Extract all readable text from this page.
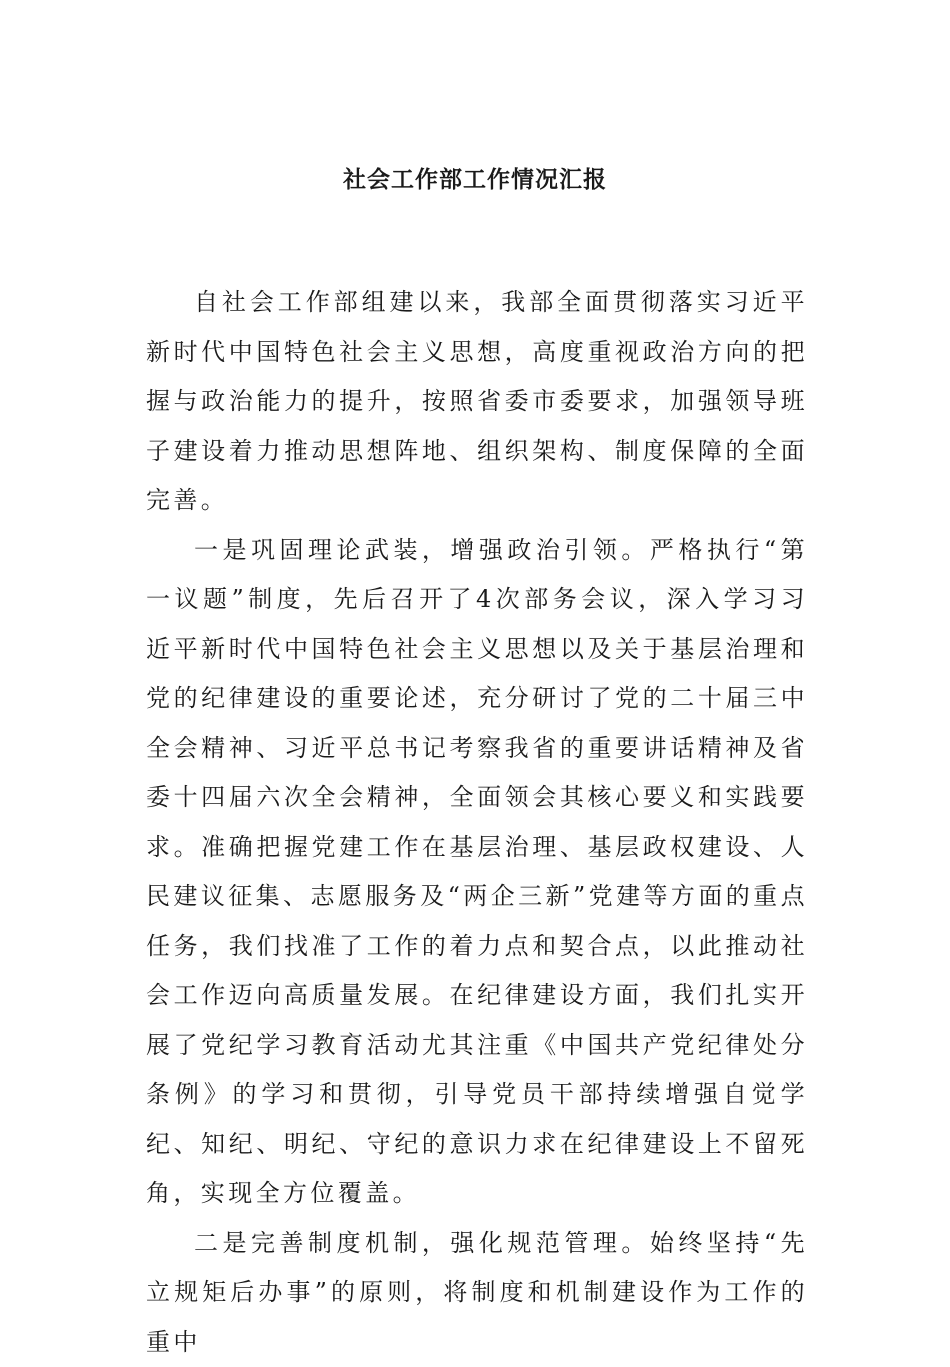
社会工作部工作情况汇报

自社会工作部组建以来，我部全面贯彻落实习近平新时代中国特色社会主义思想，高度重视政治方向的把握与政治能力的提升，按照省委市委要求，加强领导班子建设着力推动思想阵地、组织架构、制度保障的全面完善。

一是巩固理论武装，增强政治引领。严格执行“第一议题”制度，先后召开了4次部务会议，深入学习习近平新时代中国特色社会主义思想以及关于基层治理和党的纪律建设的重要论述，充分研讨了党的二十届三中全会精神、习近平总书记考察我省的重要讲话精神及省委十四届六次全会精神，全面领会其核心要义和实践要求。准确把握党建工作在基层治理、基层政权建设、人民建议征集、志愿服务及“两企三新”党建等方面的重点任务，我们找准了工作的着力点和契合点，以此推动社会工作迈向高质量发展。在纪律建设方面，我们扎实开展了党纪学习教育活动尤其注重《中国共产党纪律处分条例》的学习和贯彻，引导党员干部持续增强自觉学纪、知纪、明纪、守纪的意识力求在纪律建设上不留死角，实现全方位覆盖。

二是完善制度机制，强化规范管理。始终坚持“先立规矩后办事”的原则，将制度和机制建设作为工作的重中
